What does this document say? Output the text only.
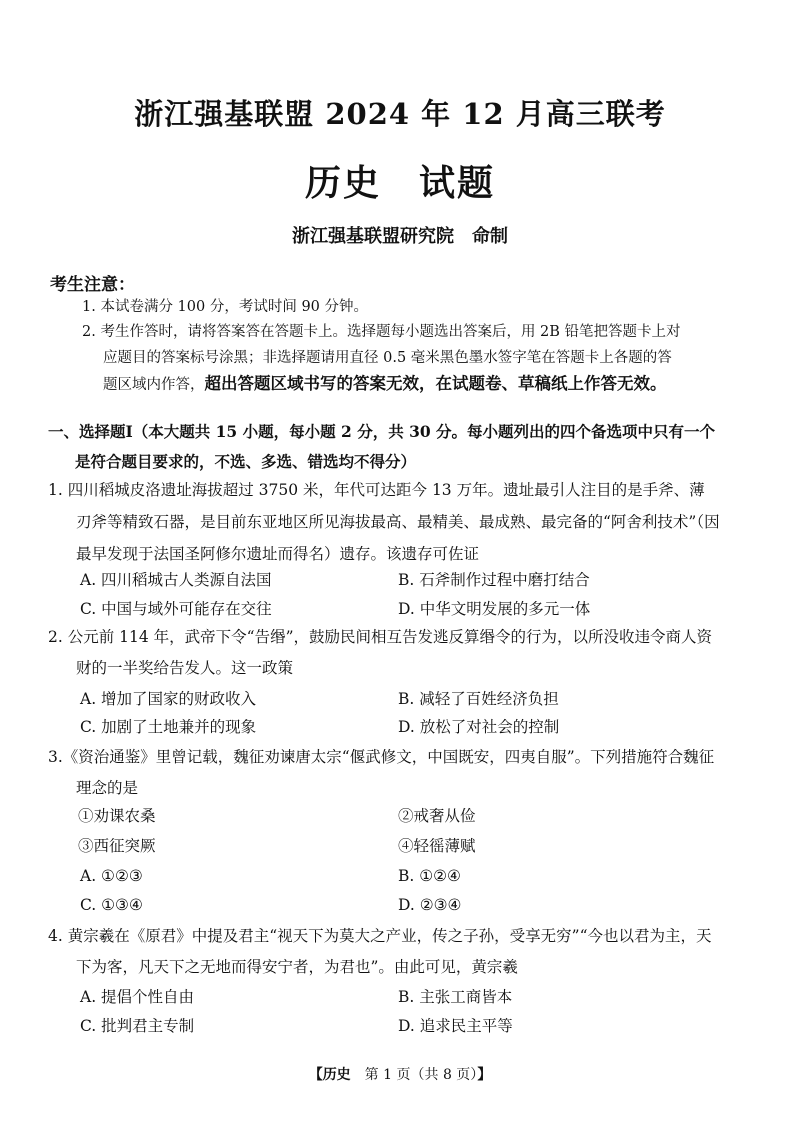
浙江强基联盟 2024 年 12 月高三联考
历史　试题
浙江强基联盟研究院　命制
考生注意：
1. 本试卷满分 100 分，考试时间 90 分钟。
2. 考生作答时，请将答案答在答题卡上。选择题每小题选出答案后，用 2B 铅笔把答题卡上对
应题目的答案标号涂黑；非选择题请用直径 0.5 毫米黑色墨水签字笔在答题卡上各题的答
题区域内作答，超出答题区域书写的答案无效，在试题卷、草稿纸上作答无效。
一、选择题Ⅰ（本大题共 15 小题，每小题 2 分，共 30 分。每小题列出的四个备选项中只有一个
是符合题目要求的，不选、多选、错选均不得分）
1. 四川稻城皮洛遗址海拔超过 3750 米，年代可达距今 13 万年。遗址最引人注目的是手斧、薄
刃斧等精致石器，是目前东亚地区所见海拔最高、最精美、最成熟、最完备的“阿舍利技术”（因
最早发现于法国圣阿修尔遗址而得名）遗存。该遗存可佐证
A. 四川稻城古人类源自法国	B. 石斧制作过程中磨打结合
C. 中国与域外可能存在交往	D. 中华文明发展的多元一体
2. 公元前 114 年，武帝下令“告缗”，鼓励民间相互告发逃反算缗令的行为，以所没收违令商人资
财的一半奖给告发人。这一政策
A. 增加了国家的财政收入	B. 减轻了百姓经济负担
C. 加剧了土地兼并的现象	D. 放松了对社会的控制
3.《资治通鉴》里曾记载，魏征劝谏唐太宗“偃武修文，中国既安，四夷自服”。下列措施符合魏征
理念的是
①劝课农桑	②戒奢从俭
③西征突厥	④轻徭薄赋
A. ①②③	B. ①②④
C. ①③④	D. ②③④
4. 黄宗羲在《原君》中提及君主“视天下为莫大之产业，传之子孙，受享无穷”“今也以君为主，天
下为客，凡天下之无地而得安宁者，为君也”。由此可见，黄宗羲
A. 提倡个性自由	B. 主张工商皆本
C. 批判君主专制	D. 追求民主平等
【历史　第 1 页（共 8 页）】
